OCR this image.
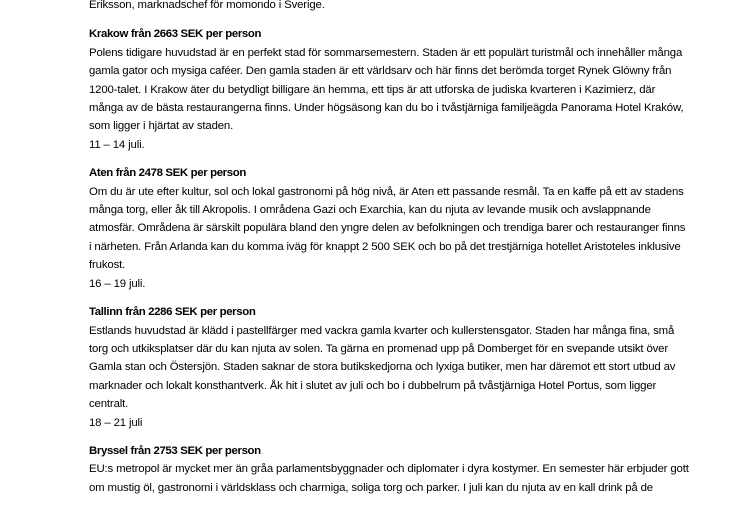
Eriksson, marknadschef för momondo i Sverige.

Krakow från 2663 SEK per person

Polens tidigare huvudstad är en perfekt stad för sommarsemestern. Staden är ett populärt turistmål och innehåller många gamla gator och mysiga caféer. Den gamla staden är ett världsarv och här finns det berömda torget Rynek Glówny från 1200-talet. I Krakow äter du betydligt billigare än hemma, ett tips är att utforska de judiska kvarteren i Kazimierz, där många av de bästa restaurangerna finns. Under högsäsong kan du bo i tvåstjärniga familjeägda Panorama Hotel Kraków, som ligger i hjärtat av staden.

11 – 14 juli.

Aten från 2478 SEK per person

Om du är ute efter kultur, sol och lokal gastronomi på hög nivå, är Aten ett passande resmål. Ta en kaffe på ett av stadens många torg, eller åk till Akropolis. I områdena Gazi och Exarchia, kan du njuta av levande musik och avslappnande atmosfär. Områdena är särskilt populära bland den yngre delen av befolkningen och trendiga barer och restauranger finns i närheten. Från Arlanda kan du komma iväg för knappt 2 500 SEK och bo på det trestjärniga hotellet Aristoteles inklusive frukost.

16 – 19 juli.

Tallinn från 2286 SEK per person

Estlands huvudstad är klädd i pastellfärger med vackra gamla kvarter och kullerstensgator. Staden har många fina, små torg och utkiksplatser där du kan njuta av solen. Ta gärna en promenad upp på Domberget för en svepande utsikt över Gamla stan och Östersjön. Staden saknar de stora butikskedjorna och lyxiga butiker, men har däremot ett stort utbud av marknader och lokalt konsthantverk. Åk hit i slutet av juli och bo i dubbelrum på tvåstjärniga Hotel Portus, som ligger centralt.

18 – 21 juli

Bryssel från 2753 SEK per person

EU:s metropol är mycket mer än gråa parlamentsbyggnader och diplomater i dyra kostymer. En semester här erbjuder gott om mustig öl, gastronomi i världsklass och charmiga, soliga torg och parker. I juli kan du njuta av en kall drink på de
